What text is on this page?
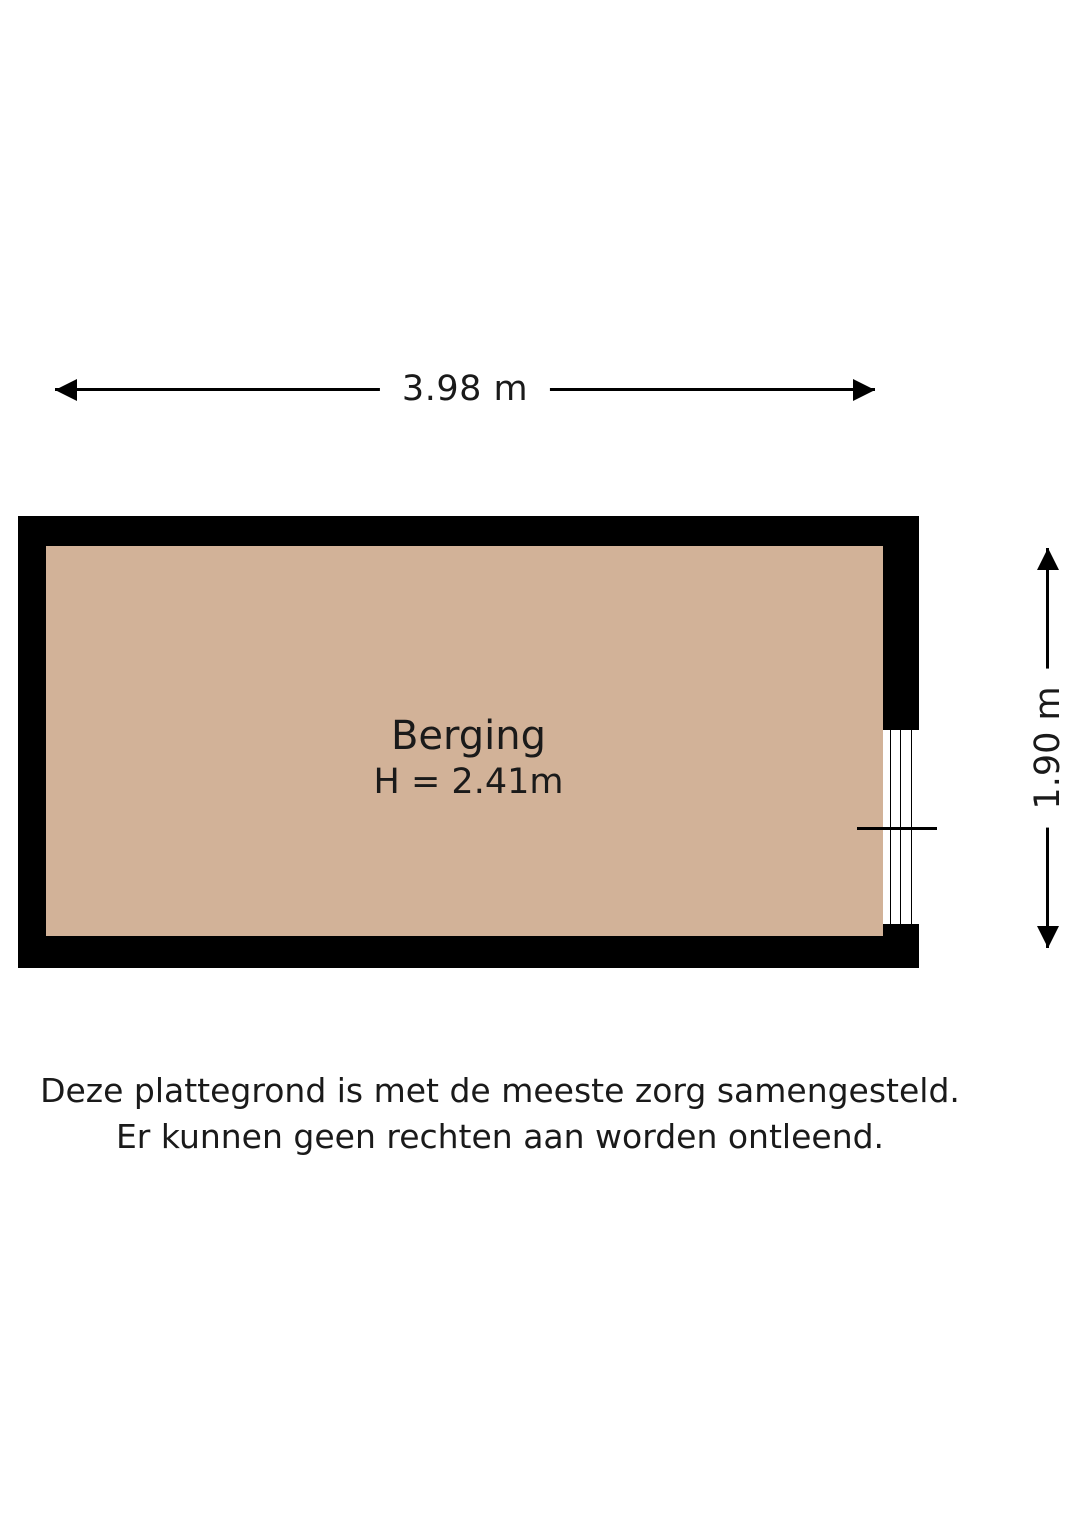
3.98 m
Berging
H = 2.41m	1.90 m
Deze plattegrond is met de meeste zorg samengesteld.
Er kunnen geen rechten aan worden ontleend.
